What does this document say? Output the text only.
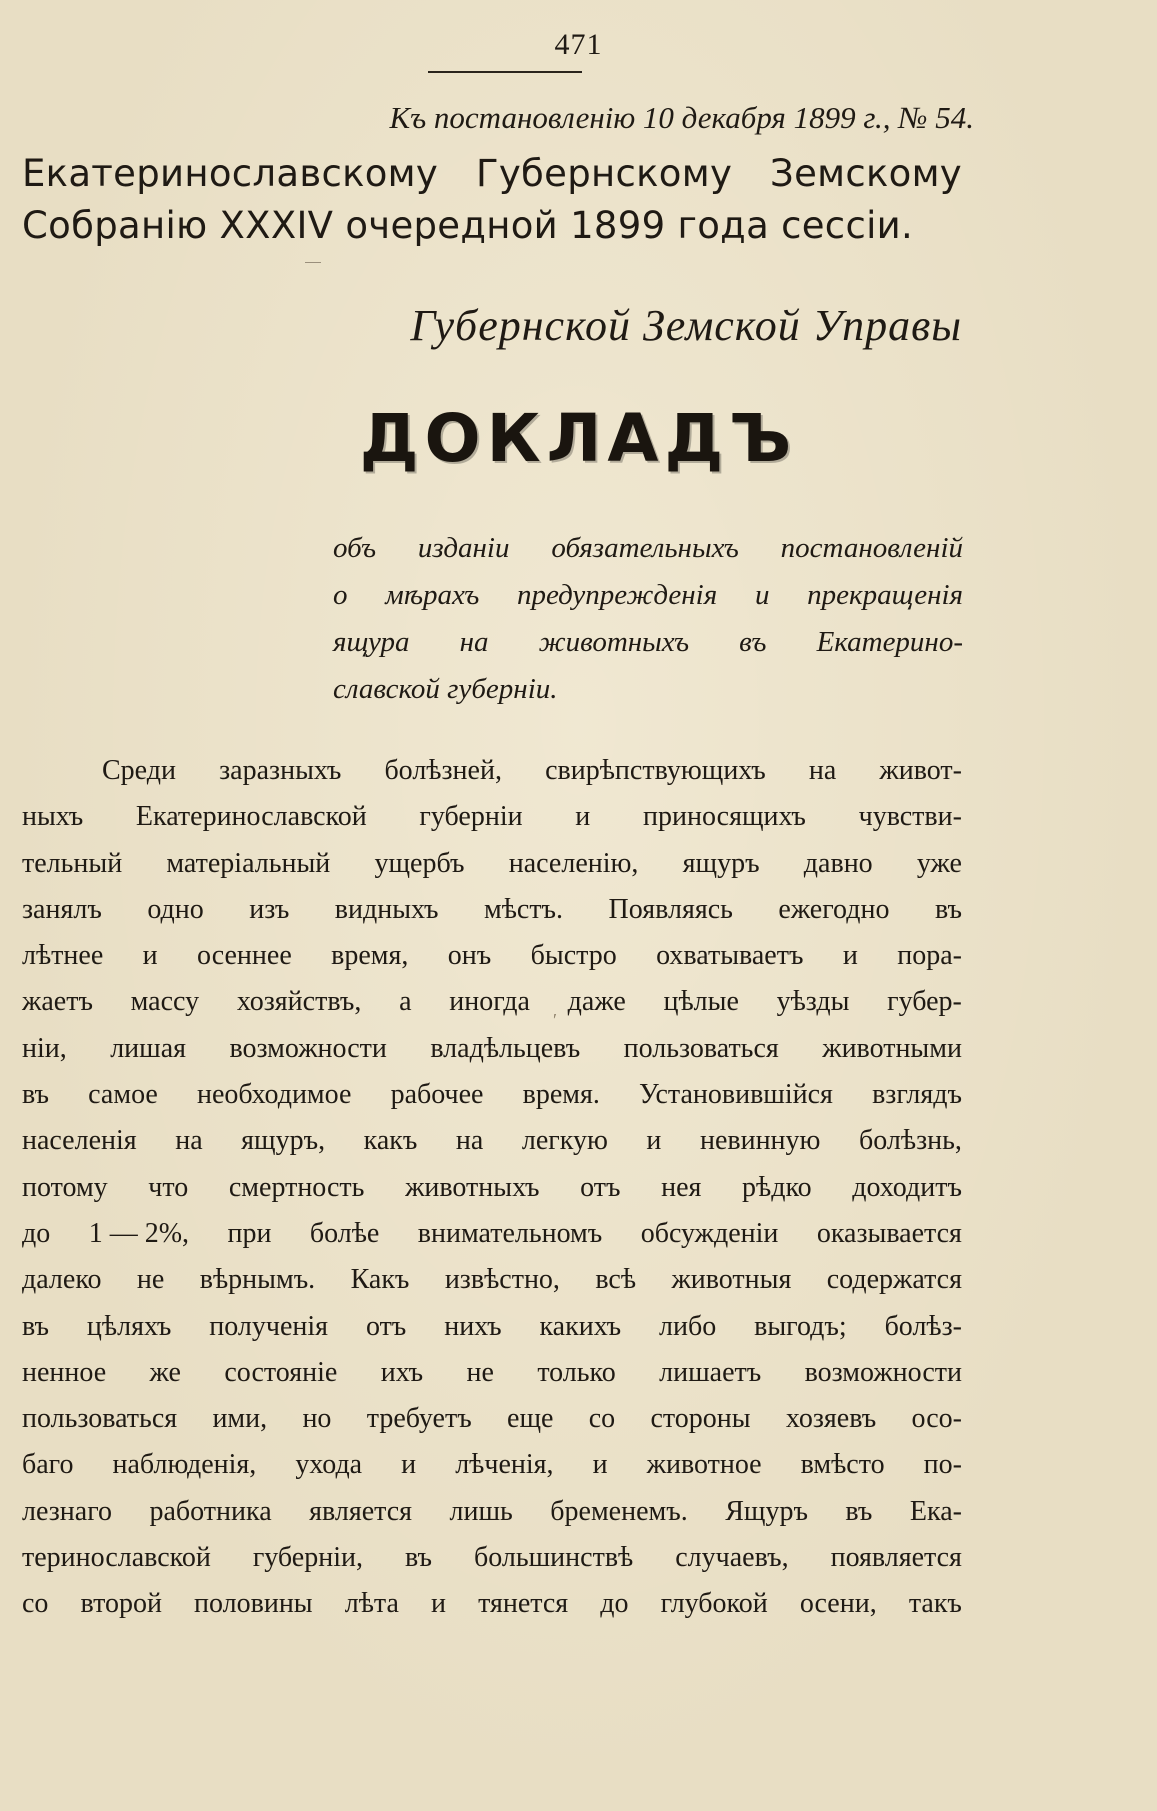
471
Къ постановленію 10 декабря 1899 г., № 54.
Екатеринославскому Губернскому Земскому
Собранію XXXIV очередной 1899 года сессіи.
Губернской Земской Управы
ДОКЛАДЪ
объ изданіи обязательныхъ постановленій
о мѣрахъ предупрежденія и прекращенія
ящура на животныхъ въ Екатерино-
славской губерніи.
Среди заразныхъ болѣзней, свирѣпствующихъ на живот-
ныхъ Екатеринославской губерніи и приносящихъ чувстви-
тельный матеріальный ущербъ населенію, ящуръ давно уже
занялъ одно изъ видныхъ мѣстъ. Появляясь ежегодно въ
лѣтнее и осеннее время, онъ быстро охватываетъ и пора-
жаетъ массу хозяйствъ, а иногда даже цѣлые уѣзды губер-
ніи, лишая возможности владѣльцевъ пользоваться животными
въ самое необходимое рабочее время. Установившійся взглядъ
населенія на ящуръ, какъ на легкую и невинную болѣзнь,
потому что смертность животныхъ отъ нея рѣдко доходитъ
до 1 — 2%, при болѣе внимательномъ обсужденіи оказывается
далеко не вѣрнымъ. Какъ извѣстно, всѣ животныя содержатся
въ цѣляхъ полученія отъ нихъ какихъ либо выгодъ; болѣз-
ненное же состояніе ихъ не только лишаетъ возможности
пользоваться ими, но требуетъ еще со стороны хозяевъ осо-
баго наблюденія, ухода и лѣченія, и животное вмѣсто по-
лезнаго работника является лишь бременемъ. Ящуръ въ Ека-
теринославской губерніи, въ большинствѣ случаевъ, появляется
со второй половины лѣта и тянется до глубокой осени, такъ
′
